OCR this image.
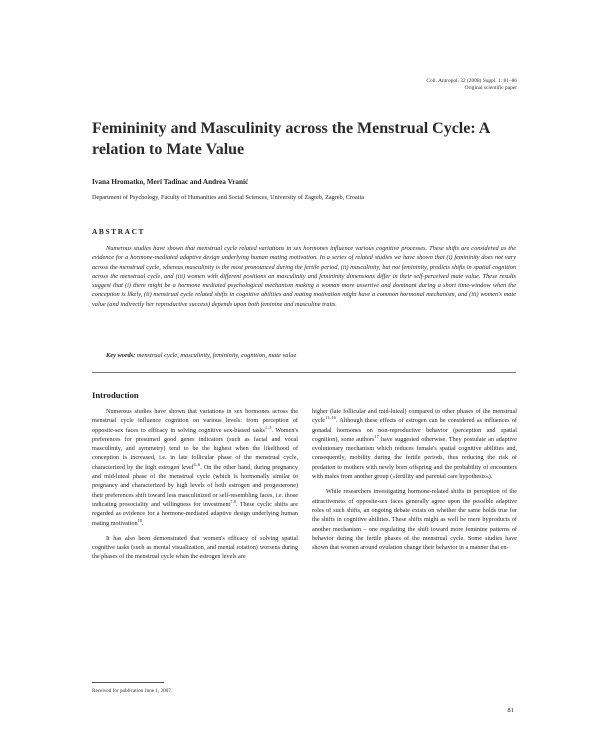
Coll. Antropol. 32 (2008) Suppl. 1: 81–86
Original scientific paper
Femininity and Masculinity across the Menstrual Cycle: A relation to Mate Value
Ivana Hromatko, Meri Tadinac and Andrea Vranić
Department of Psychology, Faculty of Humanities and Social Sciences, University of Zagreb, Zagreb, Croatia
ABSTRACT

Numerous studies have shown that menstrual cycle related variations in sex hormones influence various cognitive processes. These shifts are considered as the evidence for a hormone-mediated adaptive design underlying human mating motivation. In a series of related studies we have shown that (i) femininity does not vary across the menstrual cycle, whereas masculinity is the most pronounced during the fertile period, (ii) masculinity, but not femininity, predicts shifts in spatial cognition across the menstrual cycle, and (iii) women with different positions on masculinity and femininity dimensions differ in their self-perceived mate value. These results suggest that (i) there might be a hormone mediated psychological mechanism making a woman more assertive and dominant during a short time-window when the conception is likely, (ii) menstrual cycle related shifts in cognitive abilities and mating motivation might have a common hormonal mechanism, and (iii) women's mate value (and indirectly her reproductive success) depends upon both feminine and masculine traits.

Key words: menstrual cycle, masculinity, femininity, cognition, mate value
Introduction

Numerous studies have shown that variations in sex hormones across the menstrual cycle influence cognition on various levels: from perception of opposite-sex faces to efficacy in solving cognitive sex-biased tasks$^{1-3}$. Women's preferences for presumed good genes indicators (such as facial and vocal masculinity, and symmetry) tend to be the highest when the likelihood of conception is increased, i.e. in late follicular phase of the menstrual cycle, characterized by the high estrogen level$^{4-6}$. On the other hand, during pregnancy and mid-luteal phase of the menstrual cycle (which is hormonally similar to pregnancy and characterized by high levels of both estrogen and progesterone) their preferences shift toward less masculinized or self-resembling faces, i.e. those indicating prosociality and willingness for investment$^{7,8}$. These cyclic shifts are regarded as evidence for a hormone-mediated adaptive design underlying human mating motivation$^{10}$.

It has also been demonstrated that women's efficacy of solving spatial cognitive tasks (such as mental visualization, and mental rotation) worsens during the phases of the menstrual cycle when the estrogen levels are

higher (late follicular and mid-luteal) compared to other phases of the menstrual cycle$^{11-16}$. Although these effects of estrogen can be considered as influences of gonadal hormones on non-reproductive behavior (perception and spatial cognition), some authors$^{17}$ have suggested otherwise. They postulate an adaptive evolutionary mechanism which reduces female's spatial cognitive abilities and, consequently, mobility during the fertile periods, thus reducing the risk of predation to mothers with newly born offspring and the probability of encounters with males from another group (»fertility and parental care hypothesis«).

While researchers investigating hormone-related shifts in perception of the attractiveness of opposite-sex faces generally agree upon the possible adaptive roles of such shifts, an ongoing debate exists on whether the same holds true for the shifts in cognitive abilities. These shifts might as well be mere byproducts of another mechanism – one regulating the shift toward more feminine patterns of behavior during the fertile phases of the menstrual cycle. Some studies have shown that women around ovulation change their behavior in a manner that en-

Received for publication June 1, 2007.
81
